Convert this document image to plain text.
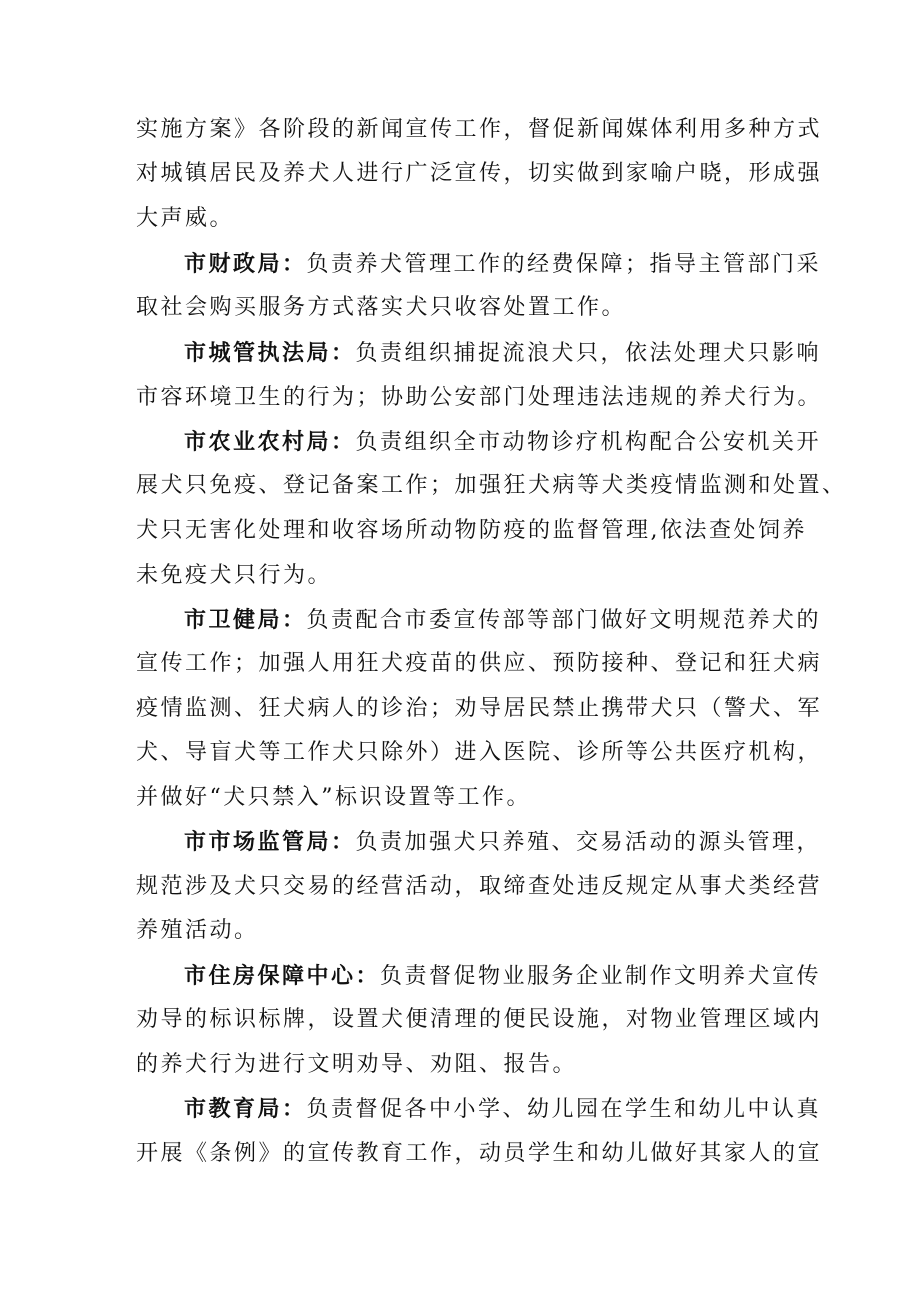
实施方案》各阶段的新闻宣传工作，督促新闻媒体利用多种方式
对城镇居民及养犬人进行广泛宣传，切实做到家喻户晓，形成强
大声威。
市财政局：负责养犬管理工作的经费保障；指导主管部门采
取社会购买服务方式落实犬只收容处置工作。
市城管执法局：负责组织捕捉流浪犬只，依法处理犬只影响
市容环境卫生的行为；协助公安部门处理违法违规的养犬行为。
市农业农村局：负责组织全市动物诊疗机构配合公安机关开
展犬只免疫、登记备案工作；加强狂犬病等犬类疫情监测和处置、
犬只无害化处理和收容场所动物防疫的监督管理,依法查处饲养
未免疫犬只行为。
市卫健局：负责配合市委宣传部等部门做好文明规范养犬的
宣传工作；加强人用狂犬疫苗的供应、预防接种、登记和狂犬病
疫情监测、狂犬病人的诊治；劝导居民禁止携带犬只（警犬、军
犬、导盲犬等工作犬只除外）进入医院、诊所等公共医疗机构，
并做好“犬只禁入”标识设置等工作。
市市场监管局：负责加强犬只养殖、交易活动的源头管理，
规范涉及犬只交易的经营活动，取缔查处违反规定从事犬类经营
养殖活动。
市住房保障中心：负责督促物业服务企业制作文明养犬宣传
劝导的标识标牌，设置犬便清理的便民设施，对物业管理区域内
的养犬行为进行文明劝导、劝阻、报告。
市教育局：负责督促各中小学、幼儿园在学生和幼儿中认真
开展《条例》的宣传教育工作，动员学生和幼儿做好其家人的宣
